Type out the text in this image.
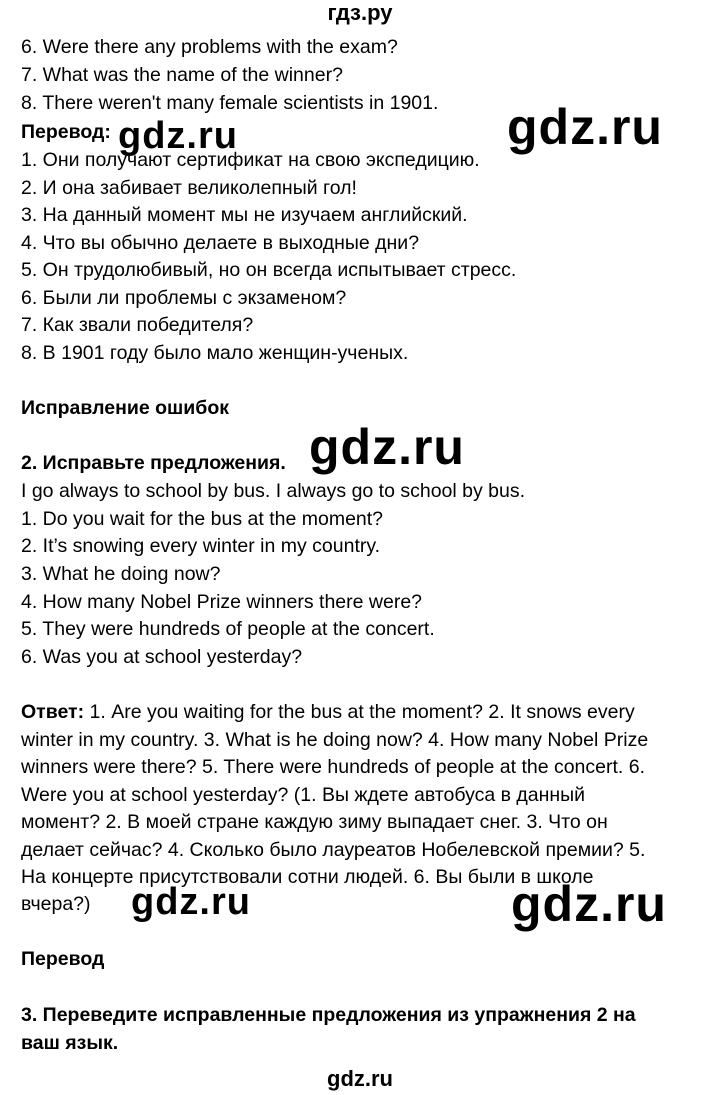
гдз.ру
6. Were there any problems with the exam?
7. What was the name of the winner?
8. There weren't many female scientists in 1901.
Перевод:
1. Они получают сертификат на свою экспедицию.
2. И она забивает великолепный гол!
3. На данный момент мы не изучаем английский.
4. Что вы обычно делаете в выходные дни?
5. Он трудолюбивый, но он всегда испытывает стресс.
6. Были ли проблемы с экзаменом?
7. Как звали победителя?
8. В 1901 году было мало женщин-ученых.
Исправление ошибок
2. Исправьте предложения.
I go always to school by bus. I always go to school by bus.
1. Do you wait for the bus at the moment?
2. It’s snowing every winter in my country.
3. What he doing now?
4. How many Nobel Prize winners there were?
5. They were hundreds of people at the concert.
6. Was you at school yesterday?
Ответ: 1. Are you waiting for the bus at the moment? 2. It snows every
winter in my country. 3. What is he doing now? 4. How many Nobel Prize
winners were there? 5. There were hundreds of people at the concert. 6.
Were you at school yesterday? (1. Вы ждете автобуса в данный
момент? 2. В моей стране каждую зиму выпадает снег. 3. Что он
делает сейчас? 4. Сколько было лауреатов Нобелевской премии? 5.
На концерте присутствовали сотни людей. 6. Вы были в школе
вчера?)
Перевод
3. Переведите исправленные предложения из упражнения 2 на
ваш язык.
gdz.ru
gdz.ru
gdz.ru
gdz.ru	gdz.ru
gdz.ru
